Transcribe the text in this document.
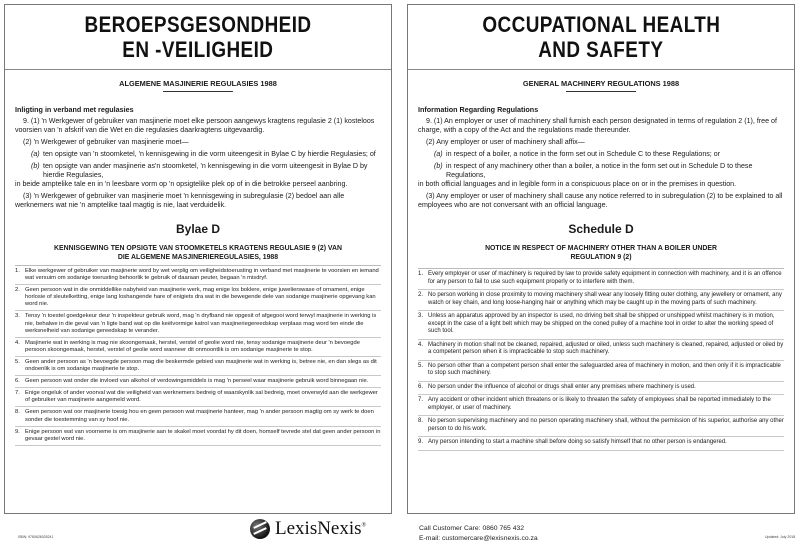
BEROEPSGESONDHEID
EN -VEILIGHEID
ALGEMENE MASJINERIE REGULASIES 1988
Inligting in verband met regulasies

9. (1) 'n Werkgewer of gebruiker van masjinerie moet elke persoon aangewys kragtens regulasie 2 (1) kosteloos voorsien van 'n afskrif van die Wet en die regulasies daarkragtens uitgevaardig.

(2) 'n Werkgewer of gebruiker van masjinerie moet—

(a) ten opsigte van 'n stoomketel, 'n kennisgewing in die vorm uiteengesit in Bylae C by hierdie Regulasies; of
(b) ten opsigte van ander masjinerie as'n stoomketel, 'n kennisgewing in die vorm uiteengesit in Bylae D by hierdie Regulasies,

in beide amptelike tale en in 'n leesbare vorm op 'n opsigtelike plek op of in die betrokke perseel aanbring.

(3) 'n Werkgewer of gebruiker van masjinerie moet 'n kennisgewing in subregulasie (2) bedoel aan alle werknemers wat nie 'n amptelike taal magtig is nie, laat verduidelik.

Bylae D
KENNISGEWING TEN OPSIGTE VAN STOOMKETELS KRAGTENS REGULASIE 9 (2) VAN
DIE ALGEMENE MASJINERIEREGULASIES, 1988
1. Elke werkgewer of gebruiker van masjinerie word by wet verplig om veiligheidstoerusting in verband met masjinerie te voorsien en iemand wat versuim om sodanige toerusting behoorlik te gebruik of daaraan peuter, begaan 'n misdryf.
2. Geen persoon wat in die onmiddellike nabyheid van masjinerie werk, mag enige los boklere, enige juwelierswase of ornament, enige horlosie of sleutelketting, enige lang loshangende hare of enigiets dra wat in die bewegende dele van sodanige masjinerie opgevang kan word nie.
3. Tensy 'n toestel goedgekeur deur 'n inspekteur gebruik word, mag 'n dryfband nie opgesit of afgegooi word terwyl masjinerie in werking is nie, behalwe in die geval van 'n ligte band wat op die keëlvormige katrol van masjineriegereedskap verplaas mag word ten einde die werksnelheid van sodanige gereedskap te verander.
4. Masjinerie wat in werking is mag nie skoongemaak, herstel, verstel of geolie word nie, tensy sodanige masjinerie deur 'n bevoegde persoon skoongemaak, herstel, verstel of geolie word wanneer dit onmoontlik is om sodanige masjinerie te stop.
5. Geen ander persoon as 'n bevoegde persoon mag die beskermde gebied van masjinerie wat in werking is, betree nie, en dan slegs as dit ondoenlik is om sodanige masjinerie te stop.
6. Geen persoon wat onder die invloed van alkohol of verdowingsmiddels is mag 'n perseel waar masjinerie gebruik word binnegaan nie.
7. Enige ongeluk of ander voorval wat die veiligheid van werknemers bedreig of waarskynlik sal bedreig, moet onverwyld aan die werkgewer of gebruiker van masjinerie aangemeld word.
8. Geen persoon wat oor masjinerie toesig hou en geen persoon wat masjinerie hanteer, mag 'n ander persoon magtig om sy werk te doen sonder die toestemming van sy hoof nie.
9. Enige persoon wat van voorneme is om masjinerie aan te skakel moet voordat hy dit doen, homself tevrede stel dat geen ander persoon in gevaar gestel word nie.
OCCUPATIONAL HEALTH
AND SAFETY
GENERAL MACHINERY REGULATIONS 1988
Information Regarding Regulations

9. (1) An employer or user of machinery shall furnish each person designated in terms of regulation 2 (1), free of charge, with a copy of the Act and the regulations made thereunder.

(2) Any employer or user of machinery shall affix—

(a) in respect of a boiler, a notice in the form set out in Schedule C to these Regulations; or
(b) in respect of any machinery other than a boiler, a notice in the form set out in Schedule D to these Regulations,

in both official languages and in legible form in a conspicuous place on or in the premises in question.

(3) Any employer or user of machinery shall cause any notice referred to in subregulation (2) to be explained to all employees who are not conversant with an official language.

Schedule D
NOTICE IN RESPECT OF MACHINERY OTHER THAN A BOILER UNDER
REGULATION 9 (2)
1. Every employer or user of machinery is required by law to provide safety equipment in connection with machinery, and it is an offence for any person to fail to use such equipment properly or to interfere with them.
2. No person working in close proximity to moving machinery shall wear any loosely fitting outer clothing, any jewellery or ornament, any watch or key chain, and long loose-hanging hair or anything which may be caught up in the moving parts of such machinery.
3. Unless an apparatus approved by an inspector is used, no driving belt shall be shipped or unshipped whilst machinery is in motion, except in the case of a light belt which may be shipped on the coned pulley of a machine tool in order to alter the working speed of such tool.
4. Machinery in motion shall not be cleaned, repaired, adjusted or oiled, unless such machinery is cleaned, repaired, adjusted or oiled by a competent person when it is impracticable to stop such machinery.
5. No person other than a competent person shall enter the safeguarded area of machinery in motion, and then only if it is impracticable to stop such machinery.
6. No person under the influence of alcohol or drugs shall enter any premises where machinery is used.
7. Any accident or other incident which threatens or is likely to threaten the safety of employees shall be reported immediately to the employer, or user of machinery.
8. No person supervising machinery and no person operating machinery shall, without the permission of his superior, authorise any other person to do his work.
9. Any person intending to start a machine shall before doing so satisfy himself that no other person is endangered.
ISBN: 9780626028241	LexisNexis®	Call Customer Care: 0860 765 432
E-mail: customercare@lexisnexis.co.za	Updated: July 2018
